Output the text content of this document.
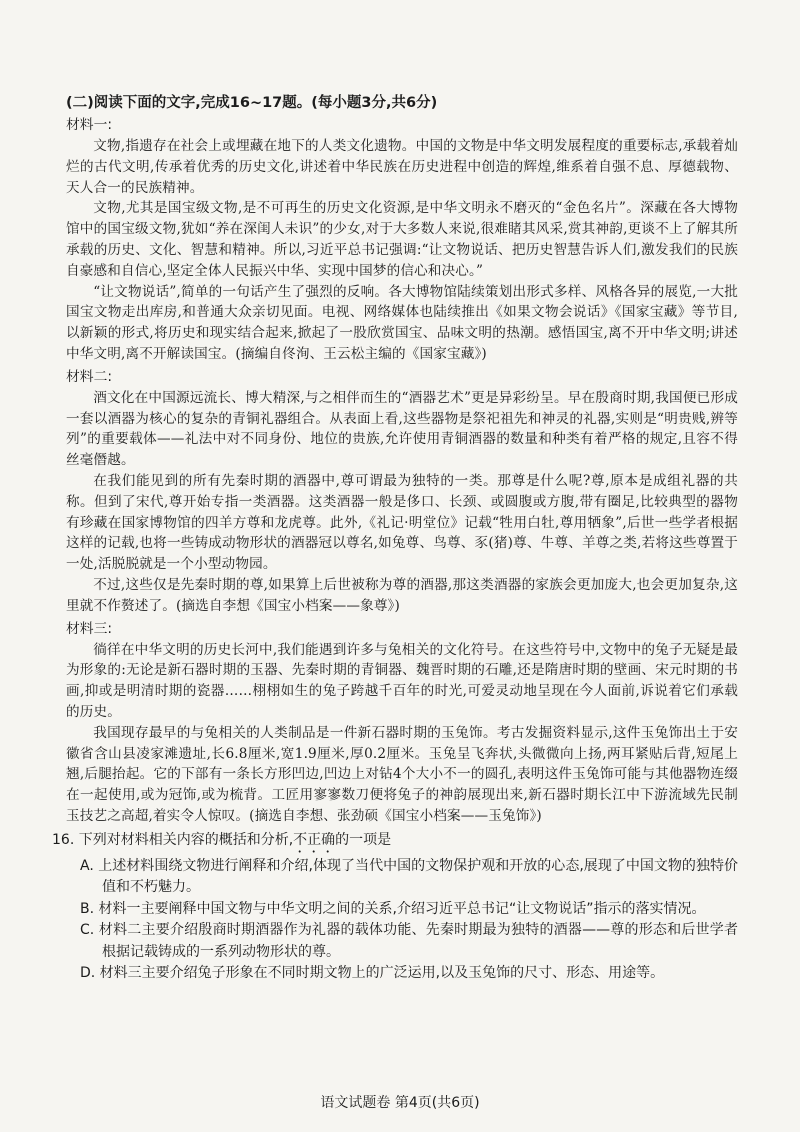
(二)阅读下面的文字,完成16~17题。(每小题3分,共6分)
材料一:

文物,指遗存在社会上或埋藏在地下的人类文化遗物。中国的文物是中华文明发展程度的重要标志,承载着灿烂的古代文明,传承着优秀的历史文化,讲述着中华民族在历史进程中创造的辉煌,维系着自强不息、厚德载物、天人合一的民族精神。

文物,尤其是国宝级文物,是不可再生的历史文化资源,是中华文明永不磨灭的“金色名片”。深藏在各大博物馆中的国宝级文物,犹如“养在深闺人未识”的少女,对于大多数人来说,很难睹其风采,赏其神韵,更谈不上了解其所承载的历史、文化、智慧和精神。所以,习近平总书记强调:“让文物说话、把历史智慧告诉人们,激发我们的民族自豪感和自信心,坚定全体人民振兴中华、实现中国梦的信心和决心。”

“让文物说话”,简单的一句话产生了强烈的反响。各大博物馆陆续策划出形式多样、风格各异的展览,一大批国宝文物走出库房,和普通大众亲切见面。电视、网络媒体也陆续推出《如果文物会说话》《国家宝藏》等节目,以新颖的形式,将历史和现实结合起来,掀起了一股欣赏国宝、品味文明的热潮。感悟国宝,离不开中华文明;讲述中华文明,离不开解读国宝。(摘编自佟洵、王云松主编的《国家宝藏》)

材料二:

酒文化在中国源远流长、博大精深,与之相伴而生的“酒器艺术”更是异彩纷呈。早在殷商时期,我国便已形成一套以酒器为核心的复杂的青铜礼器组合。从表面上看,这些器物是祭祀祖先和神灵的礼器,实则是“明贵贱,辨等列”的重要载体——礼法中对不同身份、地位的贵族,允许使用青铜酒器的数量和种类有着严格的规定,且容不得丝毫僭越。

在我们能见到的所有先秦时期的酒器中,尊可谓最为独特的一类。那尊是什么呢?尊,原本是成组礼器的共称。但到了宋代,尊开始专指一类酒器。这类酒器一般是侈口、长颈、或圆腹或方腹,带有圈足,比较典型的器物有珍藏在国家博物馆的四羊方尊和龙虎尊。此外,《礼记·明堂位》记载“牲用白牡,尊用牺象”,后世一些学者根据这样的记载,也将一些铸成动物形状的酒器冠以尊名,如兔尊、鸟尊、豕(猪)尊、牛尊、羊尊之类,若将这些尊置于一处,活脱脱就是一个小型动物园。

不过,这些仅是先秦时期的尊,如果算上后世被称为尊的酒器,那这类酒器的家族会更加庞大,也会更加复杂,这里就不作赘述了。(摘选自李想《国宝小档案——象尊》)

材料三:

徜徉在中华文明的历史长河中,我们能遇到许多与兔相关的文化符号。在这些符号中,文物中的兔子无疑是最为形象的:无论是新石器时期的玉器、先秦时期的青铜器、魏晋时期的石雕,还是隋唐时期的壁画、宋元时期的书画,抑或是明清时期的瓷器……栩栩如生的兔子跨越千百年的时光,可爱灵动地呈现在今人面前,诉说着它们承载的历史。

我国现存最早的与兔相关的人类制品是一件新石器时期的玉兔饰。考古发掘资料显示,这件玉兔饰出土于安徽省含山县凌家滩遗址,长6.8厘米,宽1.9厘米,厚0.2厘米。玉兔呈飞奔状,头微微向上扬,两耳紧贴后背,短尾上翘,后腿抬起。它的下部有一条长方形凹边,凹边上对钻4个大小不一的圆孔,表明这件玉兔饰可能与其他器物连缀在一起使用,或为冠饰,或为梳背。工匠用寥寥数刀便将兔子的神韵展现出来,新石器时期长江中下游流域先民制玉技艺之高超,着实令人惊叹。(摘选自李想、张劲硕《国宝小档案——玉兔饰》)

16. 下列对材料相关内容的概括和分析,不正确的一项是
A. 上述材料围绕文物进行阐释和介绍,体现了当代中国的文物保护观和开放的心态,展现了中国文物的独特价值和不朽魅力。
B. 材料一主要阐释中国文物与中华文明之间的关系,介绍习近平总书记“让文物说话”指示的落实情况。
C. 材料二主要介绍殷商时期酒器作为礼器的载体功能、先秦时期最为独特的酒器——尊的形态和后世学者根据记载铸成的一系列动物形状的尊。
D. 材料三主要介绍兔子形象在不同时期文物上的广泛运用,以及玉兔饰的尺寸、形态、用途等。
语文试题卷 第4页(共6页)
